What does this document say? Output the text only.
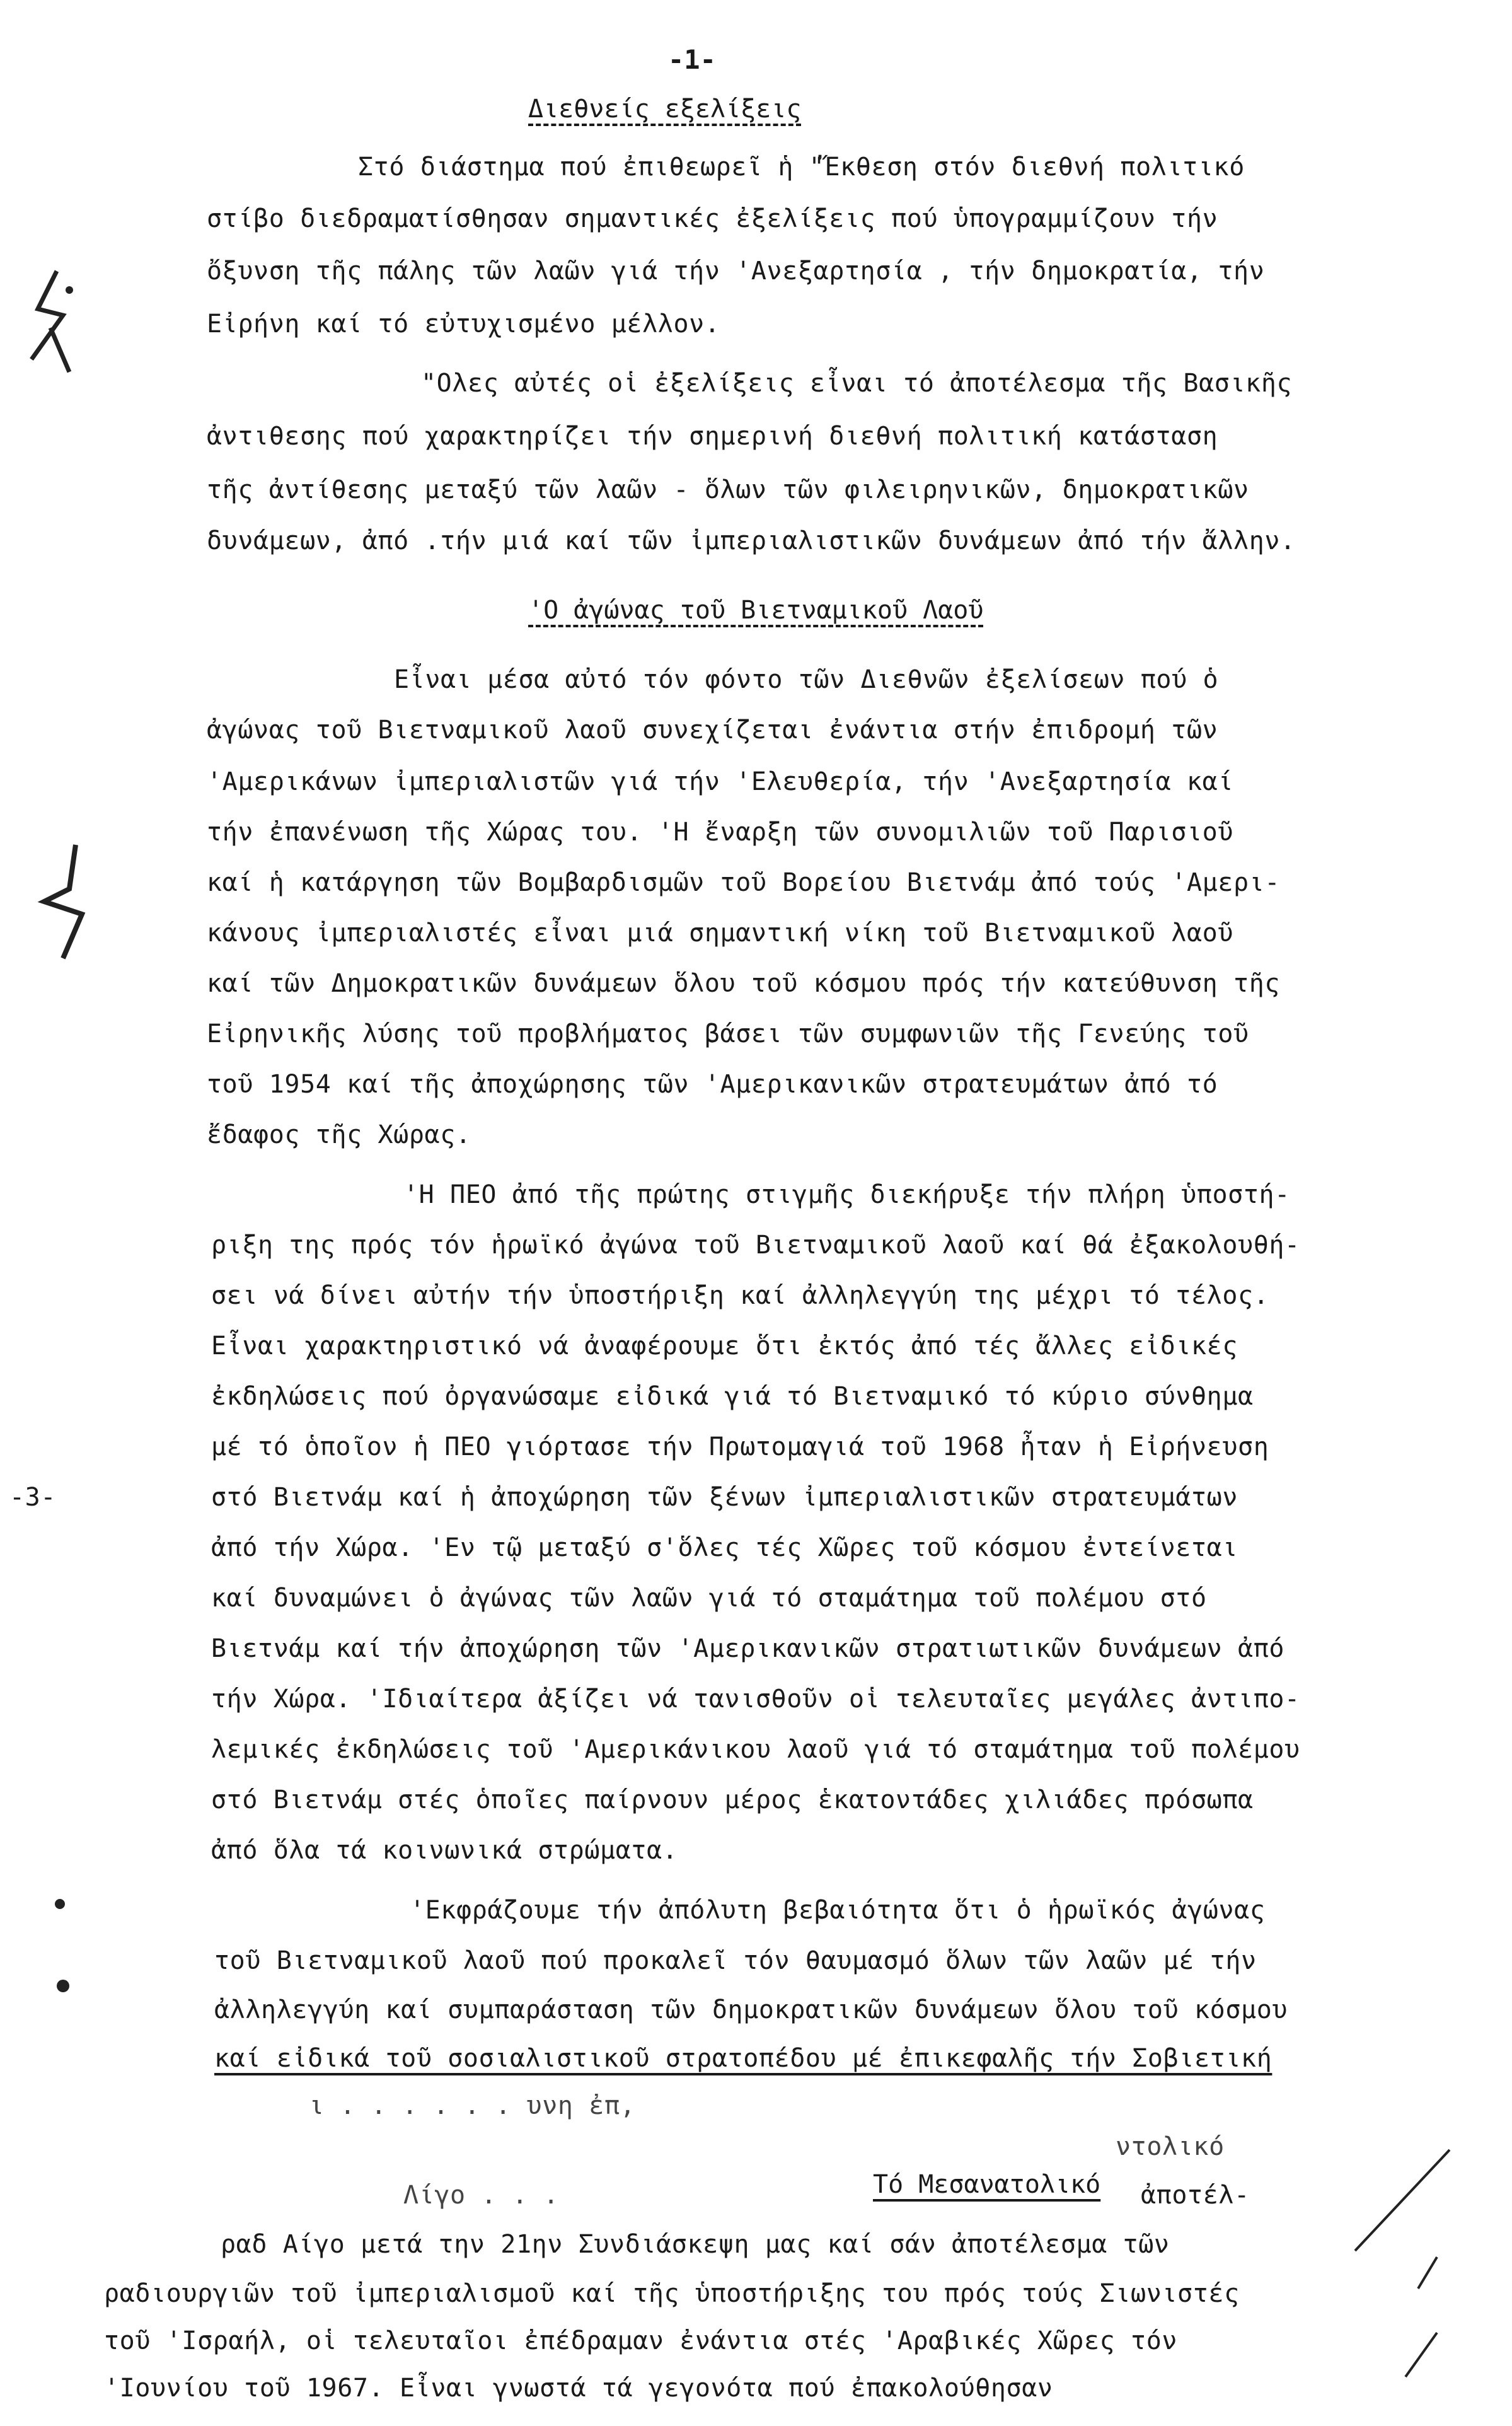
-1-
Διεθνείς εξελίξεις
Στό διάστημα πού ἐπιθεωρεῖ ἡ "Ἔκθεση στόν διεθνή πολιτικό
στίβο διεδραματίσθησαν σημαντικές ἐξελίξεις πού ὑπογραμμίζουν τήν
ὄξυνση τῆς πάλης τῶν λαῶν γιά τήν 'Ανεξαρτησία , τήν δημοκρατία, τήν
Εἰρήνη καί τό εὐτυχισμένο μέλλον.
"Ολες αὐτές οἱ ἐξελίξεις εἶναι τό ἀποτέλεσμα τῆς Βασικῆς
ἀντιθεσης πού χαρακτηρίζει τήν σημερινή διεθνή πολιτική κατάσταση
τῆς ἀντίθεσης μεταξύ τῶν λαῶν - ὅλων τῶν φιλειρηνικῶν, δημοκρατικῶν
δυνάμεων, ἀπό .τήν μιά καί τῶν ἰμπεριαλιστικῶν δυνάμεων ἀπό τήν ἄλλην.
'Ο ἀγώνας τοῦ Βιετναμικοῦ Λαοῦ
Εἶναι μέσα αὐτό τόν φόντο τῶν Διεθνῶν ἐξελίσεων πού ὁ
ἀγώνας τοῦ Βιετναμικοῦ λαοῦ συνεχίζεται ἐνάντια στήν ἐπιδρομή τῶν
'Αμερικάνων ἰμπεριαλιστῶν γιά τήν 'Ελευθερία, τήν 'Ανεξαρτησία καί
τήν ἐπανένωση τῆς Χώρας του. 'Η ἔναρξη τῶν συνομιλιῶν τοῦ Παρισιοῦ
καί ἡ κατάργηση τῶν Βομβαρδισμῶν τοῦ Βορείου Βιετνάμ ἀπό τούς 'Αμερι-
κάνους ἰμπεριαλιστές εἶναι μιά σημαντική νίκη τοῦ Βιετναμικοῦ λαοῦ
καί τῶν Δημοκρατικῶν δυνάμεων ὅλου τοῦ κόσμου πρός τήν κατεύθυνση τῆς
Εἰρηνικῆς λύσης τοῦ προβλήματος βάσει τῶν συμφωνιῶν τῆς Γενεύης τοῦ
τοῦ 1954 καί τῆς ἀποχώρησης τῶν 'Αμερικανικῶν στρατευμάτων ἀπό τό
ἔδαφος τῆς Χώρας.
'Η ΠΕΟ ἀπό τῆς πρώτης στιγμῆς διεκήρυξε τήν πλήρη ὑποστή-
ριξη της πρός τόν ἡρωϊκό ἀγώνα τοῦ Βιετναμικοῦ λαοῦ καί θά ἐξακολουθή-
σει νά δίνει αὐτήν τήν ὑποστήριξη καί ἀλληλεγγύη της μέχρι τό τέλος.
Εἶναι χαρακτηριστικό νά ἀναφέρουμε ὅτι ἐκτός ἀπό τές ἄλλες εἰδικές
ἐκδηλώσεις πού ὀργανώσαμε εἰδικά γιά τό Βιετναμικό τό κύριο σύνθημα
μέ τό ὁποῖον ἡ ΠΕΟ γιόρτασε τήν Πρωτομαγιά τοῦ 1968 ἦταν ἡ Εἰρήνευση
στό Βιετνάμ καί ἡ ἀποχώρηση τῶν ξένων ἰμπεριαλιστικῶν στρατευμάτων
ἀπό τήν Χώρα. 'Εν τῷ μεταξύ σ'ὅλες τές Χῶρες τοῦ κόσμου ἐντείνεται
καί δυναμώνει ὁ ἀγώνας τῶν λαῶν γιά τό σταμάτημα τοῦ πολέμου στό
Βιετνάμ καί τήν ἀποχώρηση τῶν 'Αμερικανικῶν στρατιωτικῶν δυνάμεων ἀπό
τήν Χώρα. 'Ιδιαίτερα ἀξίζει νά τανισθοῦν οἱ τελευταῖες μεγάλες ἀντιπο-
λεμικές ἐκδηλώσεις τοῦ 'Αμερικάνικου λαοῦ γιά τό σταμάτημα τοῦ πολέμου
στό Βιετνάμ στές ὁποῖες παίρνουν μέρος ἑκατοντάδες χιλιάδες πρόσωπα
ἀπό ὅλα τά κοινωνικά στρώματα.
'Εκφράζουμε τήν ἀπόλυτη βεβαιότητα ὅτι ὁ ἡρωϊκός ἀγώνας
τοῦ Βιετναμικοῦ λαοῦ πού προκαλεῖ τόν θαυμασμό ὅλων τῶν λαῶν μέ τήν
ἀλληλεγγύη καί συμπαράσταση τῶν δημοκρατικῶν δυνάμεων ὅλου τοῦ κόσμου
καί εἰδικά τοῦ σοσιαλιστικοῦ στρατοπέδου μέ ἐπικεφαλῆς τήν Σοβιετική
ι . . . . . . υνη ἐπ,
ντολικό
Λίγο . . .	Τό Μεσανατολικό ἀποτέλ-
ραδ Αίγο μετά την 21ην Συνδιάσκεψη μας καί σάν ἀποτέλεσμα τῶν
ραδιουργιῶν τοῦ ἰμπεριαλισμοῦ καί τῆς ὑποστήριξης του πρός τούς Σιωνιστές
τοῦ 'Ισραήλ, οἱ τελευταῖοι ἐπέδραμαν ἐνάντια στές 'Αραβικές Χῶρες τόν
'Ιουνίου τοῦ 1967. Εἶναι γνωστά τά γεγονότα πού ἐπακολούθησαν
-3-
